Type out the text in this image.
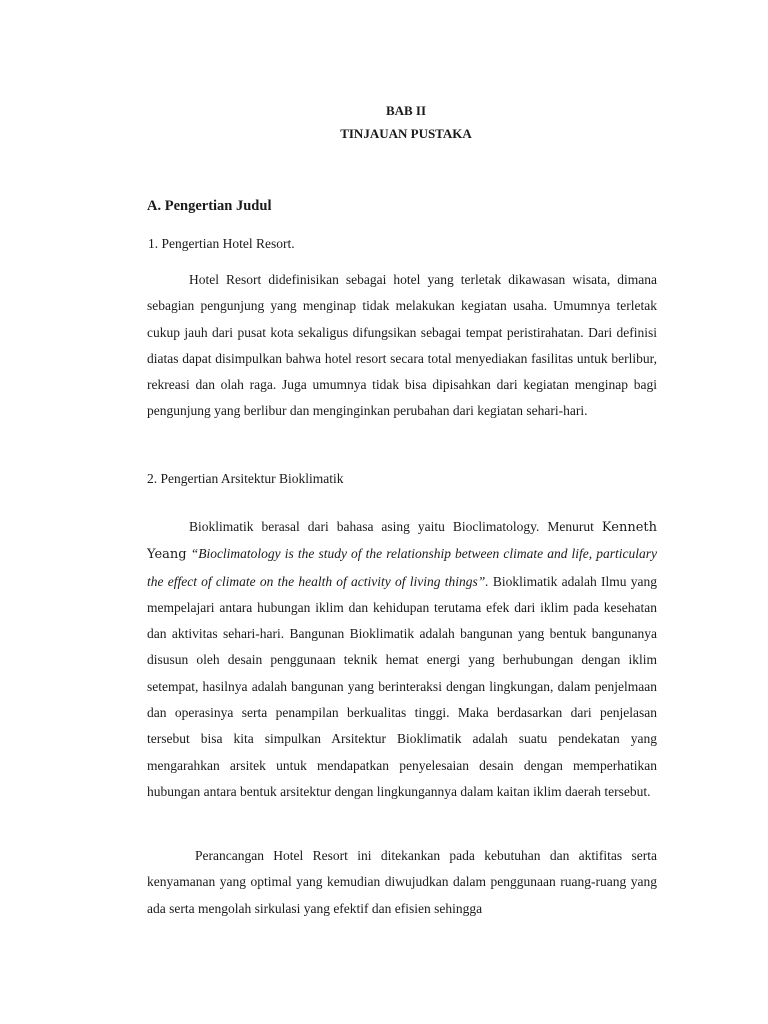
BAB II
TINJAUAN PUSTAKA
A. Pengertian Judul
1. Pengertian Hotel Resort.

Hotel Resort didefinisikan sebagai hotel yang terletak dikawasan wisata, dimana sebagian pengunjung yang menginap tidak melakukan kegiatan usaha. Umumnya terletak cukup jauh dari pusat kota sekaligus difungsikan sebagai tempat peristirahatan. Dari definisi diatas dapat disimpulkan bahwa hotel resort secara total menyediakan fasilitas untuk berlibur, rekreasi dan olah raga. Juga umumnya tidak bisa dipisahkan dari kegiatan menginap bagi pengunjung yang berlibur dan menginginkan perubahan dari kegiatan sehari-hari.

2. Pengertian Arsitektur Bioklimatik

Bioklimatik berasal dari bahasa asing yaitu Bioclimatology. Menurut Kenneth Yeang “Bioclimatology is the study of the relationship between climate and life, particulary the effect of climate on the health of activity of living things”. Bioklimatik adalah Ilmu yang mempelajari antara hubungan iklim dan kehidupan terutama efek dari iklim pada kesehatan dan aktivitas sehari-hari. Bangunan Bioklimatik adalah bangunan yang bentuk bangunanya disusun oleh desain penggunaan teknik hemat energi yang berhubungan dengan iklim setempat, hasilnya adalah bangunan yang berinteraksi dengan lingkungan, dalam penjelmaan dan operasinya serta penampilan berkualitas tinggi. Maka berdasarkan dari penjelasan tersebut bisa kita simpulkan Arsitektur Bioklimatik adalah suatu pendekatan yang mengarahkan arsitek untuk mendapatkan penyelesaian desain dengan memperhatikan hubungan antara bentuk arsitektur dengan lingkungannya dalam kaitan iklim daerah tersebut.

Perancangan Hotel Resort ini ditekankan pada kebutuhan dan aktifitas serta kenyamanan yang optimal yang kemudian diwujudkan dalam penggunaan ruang-ruang yang ada serta mengolah sirkulasi yang efektif dan efisien sehingga
